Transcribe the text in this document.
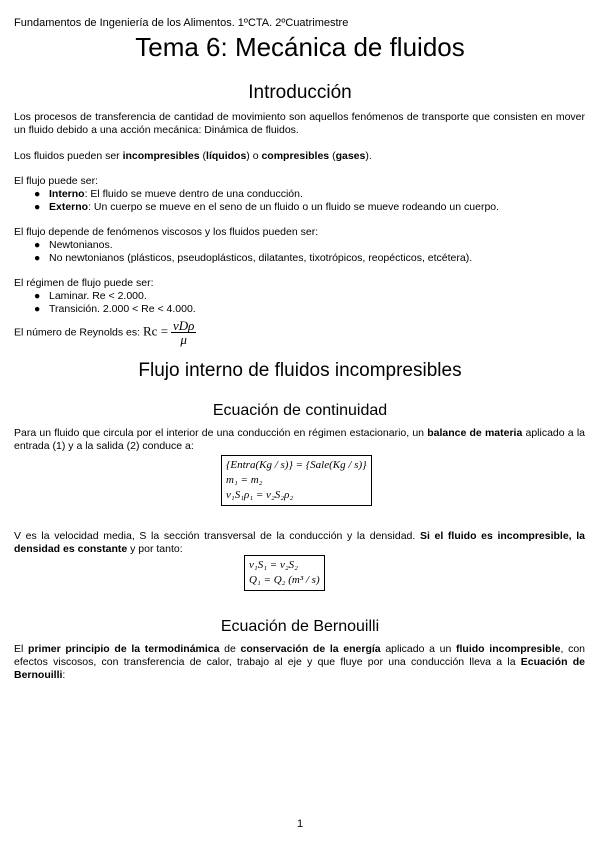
Fundamentos de Ingeniería de los Alimentos. 1ºCTA. 2ºCuatrimestre
Tema 6: Mecánica de fluidos
Introducción
Los procesos de transferencia de cantidad de movimiento son aquellos fenómenos de transporte que consisten en mover un fluido debido a una acción mecánica: Dinámica de fluidos.
Los fluidos pueden ser incompresibles (líquidos) o compresibles (gases).
El flujo puede ser:
● Interno: El fluido se mueve dentro de una conducción.
● Externo: Un cuerpo se mueve en el seno de un fluido o un fluido se mueve rodeando un cuerpo.
El flujo depende de fenómenos viscosos y los fluidos pueden ser:
● Newtonianos.
● No newtonianos (plásticos, pseudoplásticos, dilatantes, tixotrópicos, reopécticos, etcétera).
El régimen de flujo puede ser:
● Laminar. Re < 2.000.
● Transición. 2.000 < Re < 4.000.
El número de Reynolds es: $Rc = \frac{\text{vDρ}}{\mu}$
Flujo interno de fluidos incompresibles
Ecuación de continuidad
Para un fluido que circula por el interior de una conducción en régimen estacionario, un balance de materia aplicado a la entrada (1) y a la salida (2) conduce a:
{Entra(Kg / s)} = {Sale(Kg / s)}
m₁ = m₂
v₁S₁ρ₁ = v₂S₂ρ₂
V es la velocidad media, S la sección transversal de la conducción y la densidad. Si el fluido es incompresible, la densidad es constante y por tanto:
v₁S₁ = v₂S₂
Q₁ = Q₂ (m³ / s)
Ecuación de Bernouilli
El primer principio de la termodinámica de conservación de la energía aplicado a un fluido incompresible, con efectos viscosos, con transferencia de calor, trabajo al eje y que fluye por una conducción lleva a la Ecuación de Bernouilli:
1
